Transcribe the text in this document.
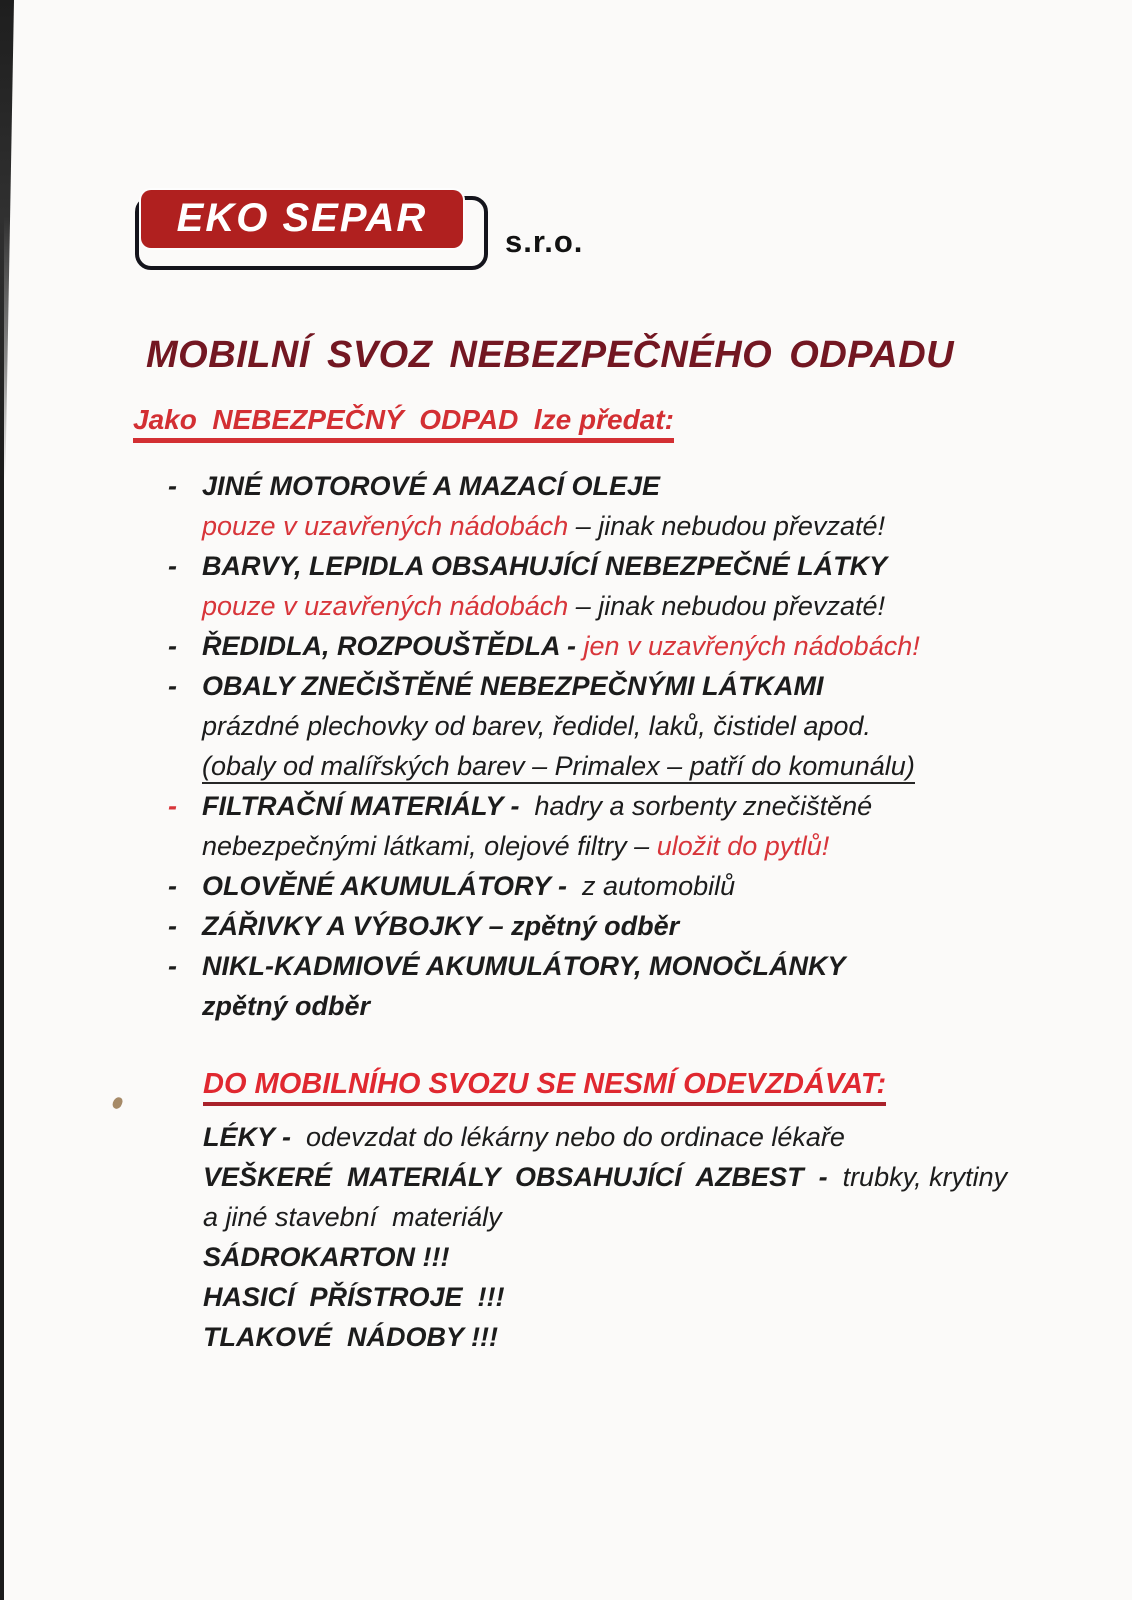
EKO SEPAR
s.r.o.
MOBILNÍ SVOZ NEBEZPEČNÉHO ODPADU
Jako  NEBEZPEČNÝ  ODPAD  lze předat:
- JINÉ MOTOROVÉ A MAZACÍ OLEJE
pouze v uzavřených nádobách – jinak nebudou převzaté!
- BARVY, LEPIDLA OBSAHUJÍCÍ NEBEZPEČNÉ LÁTKY
pouze v uzavřených nádobách – jinak nebudou převzaté!
- ŘEDIDLA, ROZPOUŠTĚDLA - jen v uzavřených nádobách!
- OBALY ZNEČIŠTĚNÉ NEBEZPEČNÝMI LÁTKAMI
prázdné plechovky od barev, ředidel, laků, čistidel apod.
(obaly od malířských barev – Primalex – patří do komunálu)
- FILTRAČNÍ MATERIÁLY -  hadry a sorbenty znečištěné
nebezpečnými látkami, olejové filtry – uložit do pytlů!
- OLOVĚNÉ AKUMULÁTORY -  z automobilů
- ZÁŘIVKY A VÝBOJKY – zpětný odběr
- NIKL-KADMIOVÉ AKUMULÁTORY, MONOČLÁNKY
zpětný odběr
DO MOBILNÍHO SVOZU SE NESMÍ ODEVZDÁVAT:
LÉKY -  odevzdat do lékárny nebo do ordinace lékaře
VEŠKERÉ  MATERIÁLY  OBSAHUJÍCÍ  AZBEST  -  trubky, krytiny
a jiné stavební  materiály
SÁDROKARTON !!!
HASICÍ  PŘÍSTROJE  !!!
TLAKOVÉ  NÁDOBY !!!
